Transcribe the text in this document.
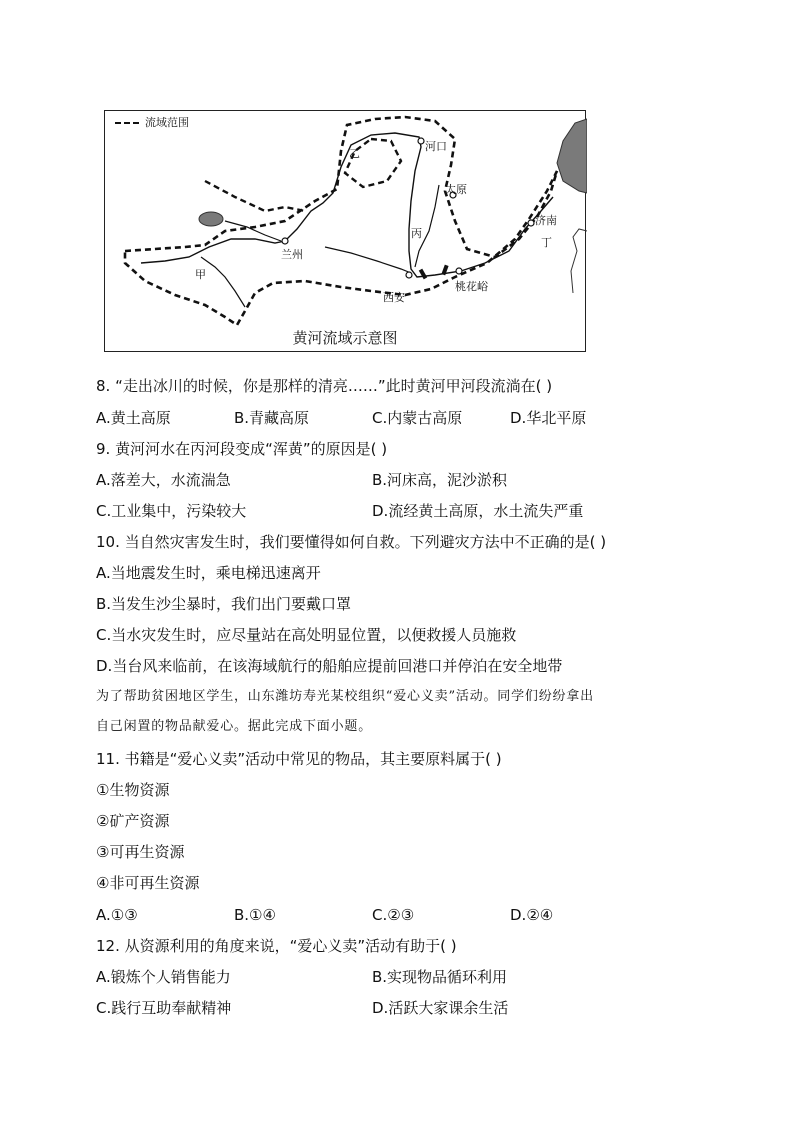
流域范围
乙
河口
太原
济南
丁
丙
兰州
甲
西安
桃花峪
黄河流域示意图
8. “走出冰川的时候，你是那样的清亮……”此时黄河甲河段流淌在( )
A.黄土高原	B.青藏高原	C.内蒙古高原	D.华北平原
9. 黄河河水在丙河段变成“浑黄”的原因是( )
A.落差大，水流湍急	B.河床高，泥沙淤积
C.工业集中，污染较大	D.流经黄土高原，水土流失严重
10. 当自然灾害发生时，我们要懂得如何自救。下列避灾方法中不正确的是( )
A.当地震发生时，乘电梯迅速离开
B.当发生沙尘暴时，我们出门要戴口罩
C.当水灾发生时，应尽量站在高处明显位置，以便救援人员施救
D.当台风来临前，在该海域航行的船舶应提前回港口并停泊在安全地带
为了帮助贫困地区学生，山东潍坊寿光某校组织“爱心义卖”活动。同学们纷纷拿出
自己闲置的物品献爱心。据此完成下面小题。
11. 书籍是“爱心义卖”活动中常见的物品，其主要原料属于( )
①生物资源
②矿产资源
③可再生资源
④非可再生资源
A.①③	B.①④	C.②③	D.②④
12. 从资源利用的角度来说，“爱心义卖”活动有助于( )
A.锻炼个人销售能力	B.实现物品循环利用
C.践行互助奉献精神	D.活跃大家课余生活
